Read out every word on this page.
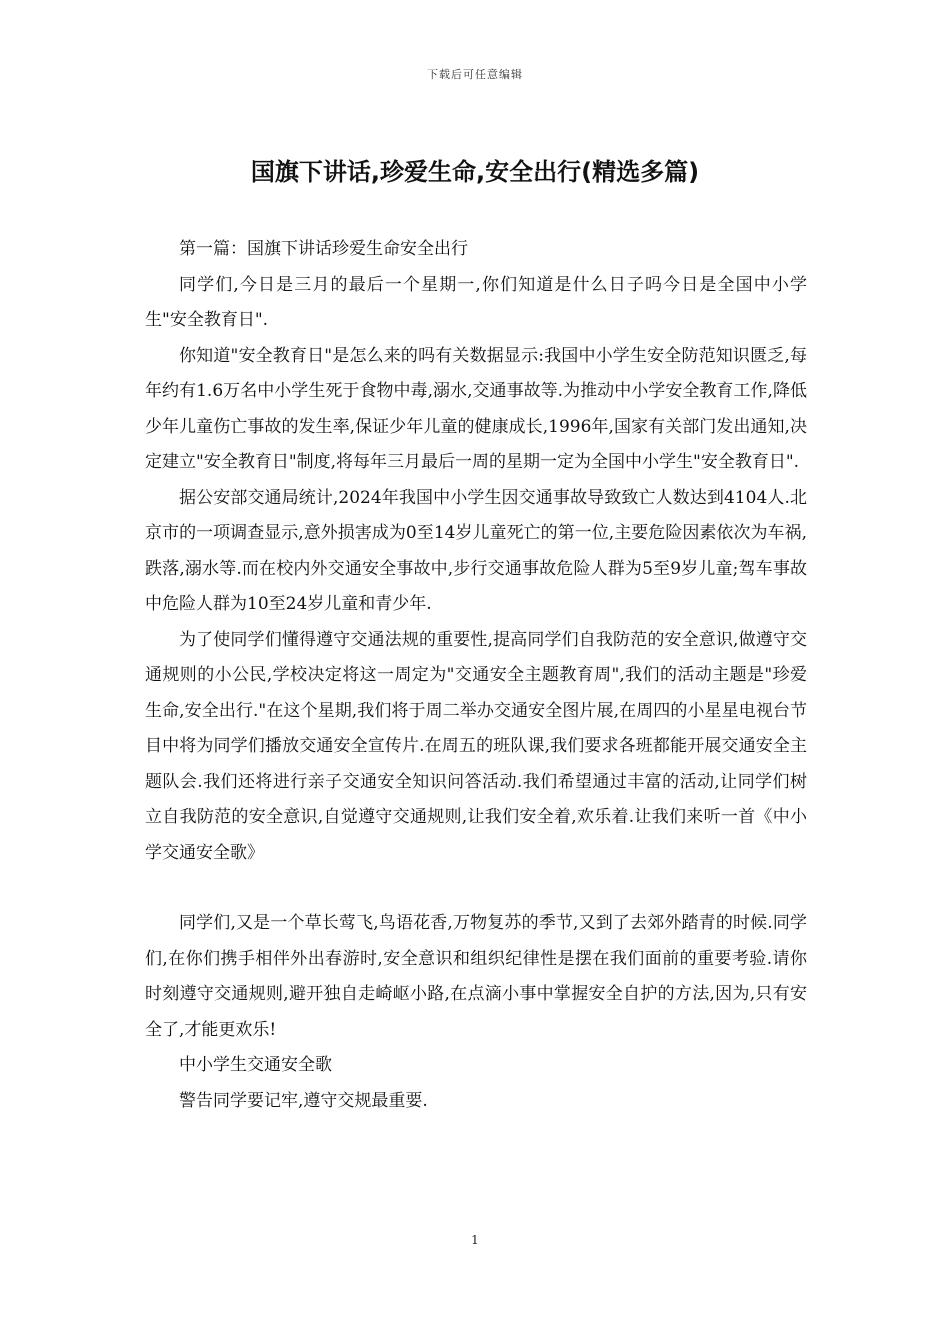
下载后可任意编辑
国旗下讲话,珍爱生命,安全出行(精选多篇)

第一篇：国旗下讲话珍爱生命安全出行

同学们,今日是三月的最后一个星期一,你们知道是什么日子吗今日是全国中小学生"安全教育日".

你知道"安全教育日"是怎么来的吗有关数据显示:我国中小学生安全防范知识匮乏,每年约有1.6万名中小学生死于食物中毒,溺水,交通事故等.为推动中小学安全教育工作,降低少年儿童伤亡事故的发生率,保证少年儿童的健康成长,1996年,国家有关部门发出通知,决定建立"安全教育日"制度,将每年三月最后一周的星期一定为全国中小学生"安全教育日".

据公安部交通局统计,2024年我国中小学生因交通事故导致致亡人数达到4104人.北京市的一项调查显示,意外损害成为0至14岁儿童死亡的第一位,主要危险因素依次为车祸,跌落,溺水等.而在校内外交通安全事故中,步行交通事故危险人群为5至9岁儿童;驾车事故中危险人群为10至24岁儿童和青少年.

为了使同学们懂得遵守交通法规的重要性,提高同学们自我防范的安全意识,做遵守交通规则的小公民,学校决定将这一周定为"交通安全主题教育周",我们的活动主题是"珍爱生命,安全出行."在这个星期,我们将于周二举办交通安全图片展,在周四的小星星电视台节目中将为同学们播放交通安全宣传片.在周五的班队课,我们要求各班都能开展交通安全主题队会.我们还将进行亲子交通安全知识问答活动.我们希望通过丰富的活动,让同学们树立自我防范的安全意识,自觉遵守交通规则,让我们安全着,欢乐着.让我们来听一首《中小学交通安全歌》

同学们,又是一个草长莺飞,鸟语花香,万物复苏的季节,又到了去郊外踏青的时候.同学们,在你们携手相伴外出春游时,安全意识和组织纪律性是摆在我们面前的重要考验.请你时刻遵守交通规则,避开独自走崎岖小路,在点滴小事中掌握安全自护的方法,因为,只有安全了,才能更欢乐!

中小学生交通安全歌

警告同学要记牢,遵守交规最重要.

1
